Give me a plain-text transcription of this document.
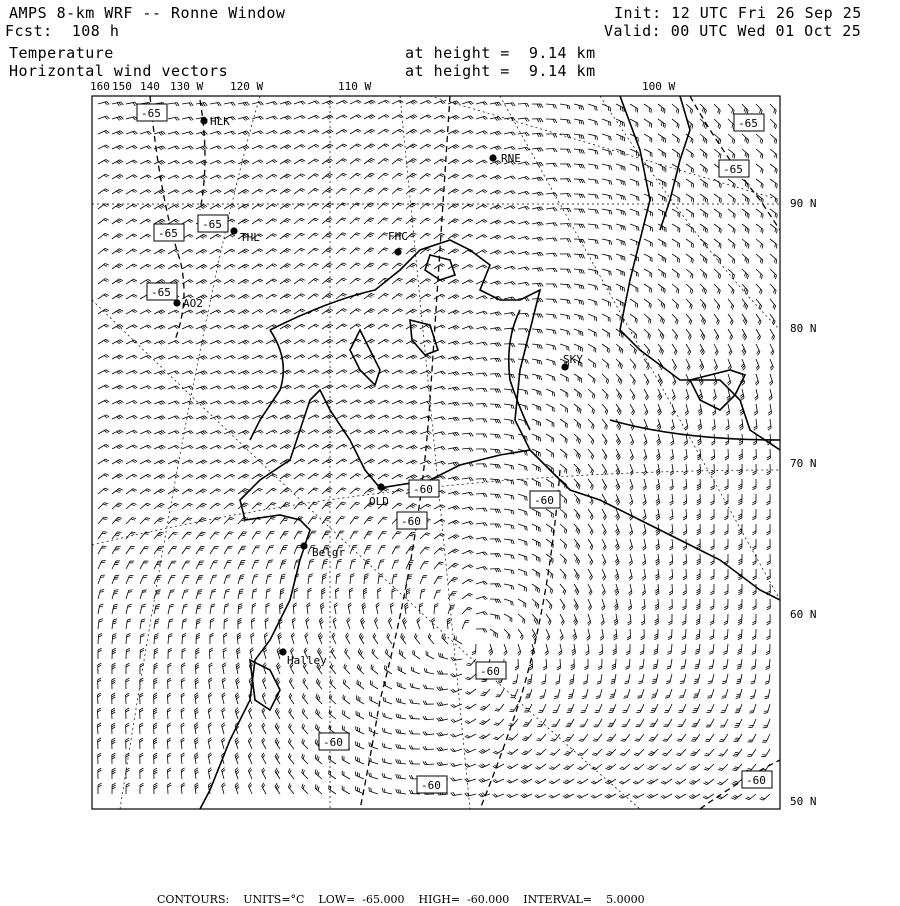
AMPS 8-km WRF -- Ronne Window
Fcst:  108 h
Temperature
Horizontal wind vectors
at height =  9.14 km
at height =  9.14 km
Init: 12 UTC Fri 26 Sep 25
Valid: 00 UTC Wed 01 Oct 25
HLK
RNE
THL	FHC
AO2
SKY
OLD
Belgr
Halley
-65
-65
-65
-65
-65
-65
-60
-60
-60
-60
-60
-60	-60
160 150 140 130 W 120 W	110 W	100 W
90 N
80 N
70 N
60 N
50 N

CONTOURS: UNITS=°C LOW=  -65.000 HIGH=  -60.000 INTERVAL=    5.0000
